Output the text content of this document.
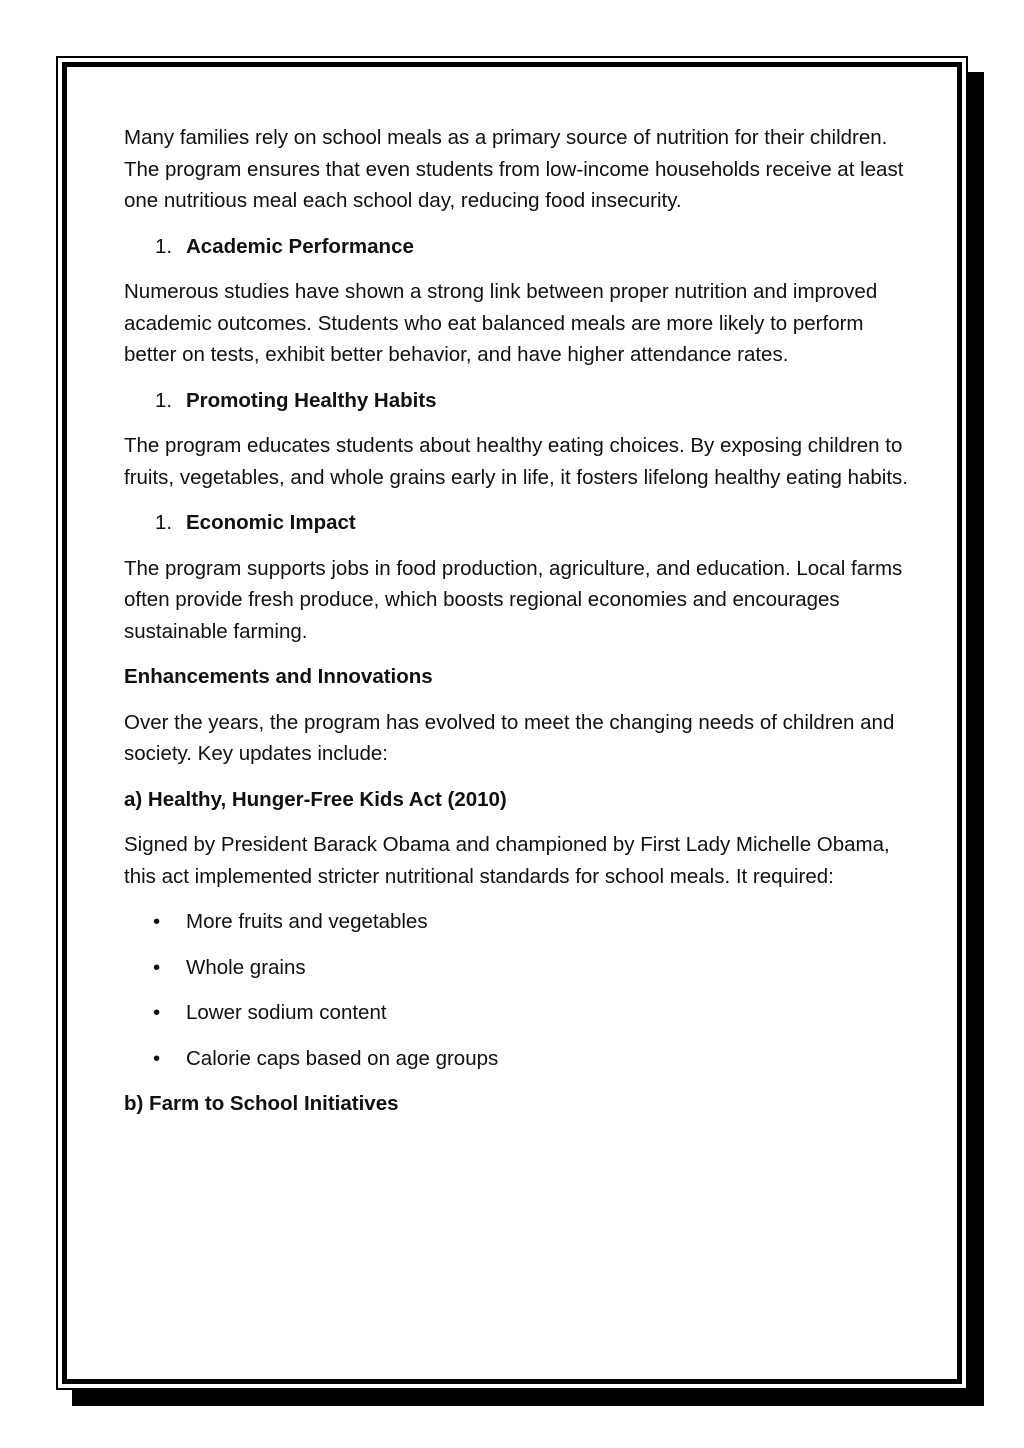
Many families rely on school meals as a primary source of nutrition for their children. The program ensures that even students from low-income households receive at least one nutritious meal each school day, reducing food insecurity.

1. Academic Performance

Numerous studies have shown a strong link between proper nutrition and improved academic outcomes. Students who eat balanced meals are more likely to perform better on tests, exhibit better behavior, and have higher attendance rates.

1. Promoting Healthy Habits

The program educates students about healthy eating choices. By exposing children to fruits, vegetables, and whole grains early in life, it fosters lifelong healthy eating habits.

1. Economic Impact

The program supports jobs in food production, agriculture, and education. Local farms often provide fresh produce, which boosts regional economies and encourages sustainable farming.

Enhancements and Innovations

Over the years, the program has evolved to meet the changing needs of children and society. Key updates include:

a) Healthy, Hunger-Free Kids Act (2010)

Signed by President Barack Obama and championed by First Lady Michelle Obama, this act implemented stricter nutritional standards for school meals. It required:

•	More fruits and vegetables
•	Whole grains
•	Lower sodium content
•	Calorie caps based on age groups
b) Farm to School Initiatives
